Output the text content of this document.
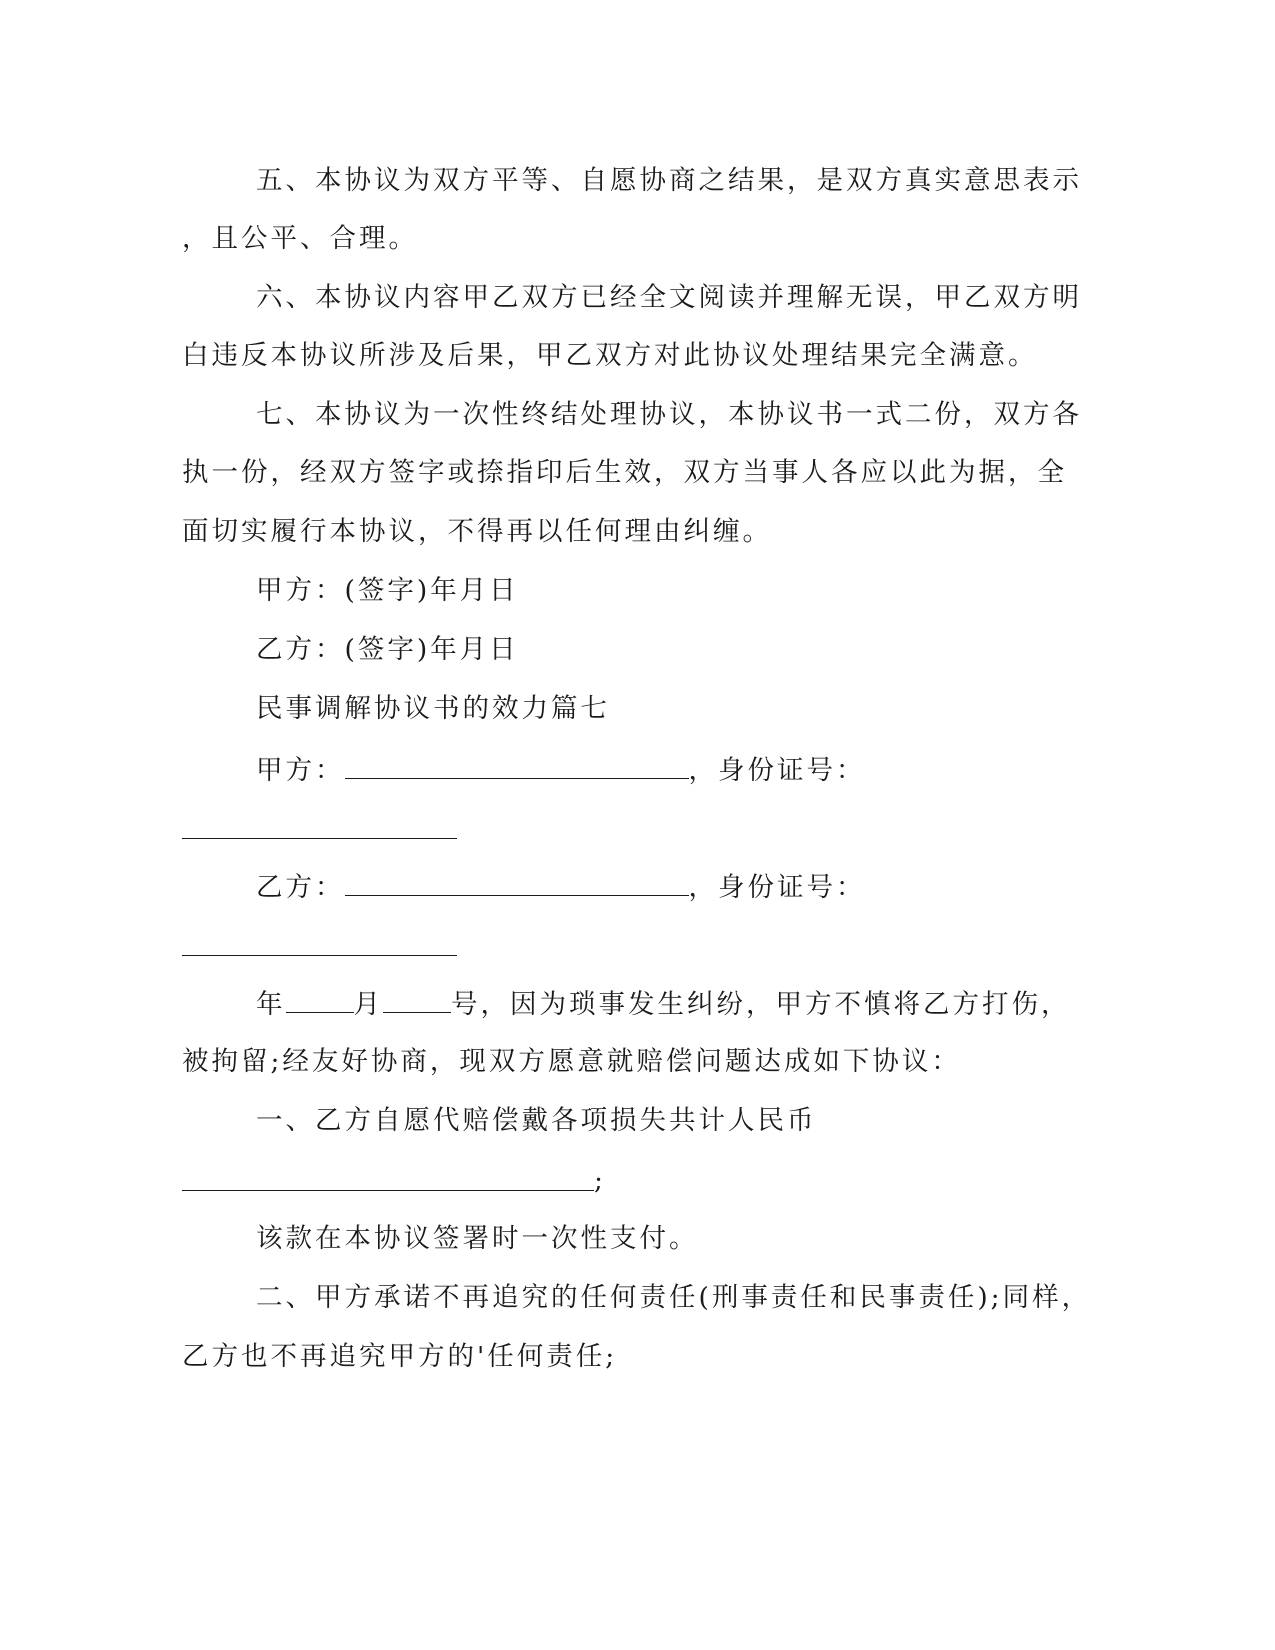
五、本协议为双方平等、自愿协商之结果，是双方真实意思表示

，且公平、合理。

六、本协议内容甲乙双方已经全文阅读并理解无误，甲乙双方明

白违反本协议所涉及后果，甲乙双方对此协议处理结果完全满意。

七、本协议为一次性终结处理协议，本协议书一式二份，双方各

执一份，经双方签字或捺指印后生效，双方当事人各应以此为据，全

面切实履行本协议，不得再以任何理由纠缠。

甲方：(签字)年月日

乙方：(签字)年月日

民事调解协议书的效力篇七

甲方：	，身份证号：

乙方：	，身份证号：

年	月	号，因为琐事发生纠纷，甲方不慎将乙方打伤，

被拘留;经友好协商，现双方愿意就赔偿问题达成如下协议：

一、乙方自愿代赔偿戴各项损失共计人民币

;

该款在本协议签署时一次性支付。

二、甲方承诺不再追究的任何责任(刑事责任和民事责任);同样，

乙方也不再追究甲方的'任何责任;
